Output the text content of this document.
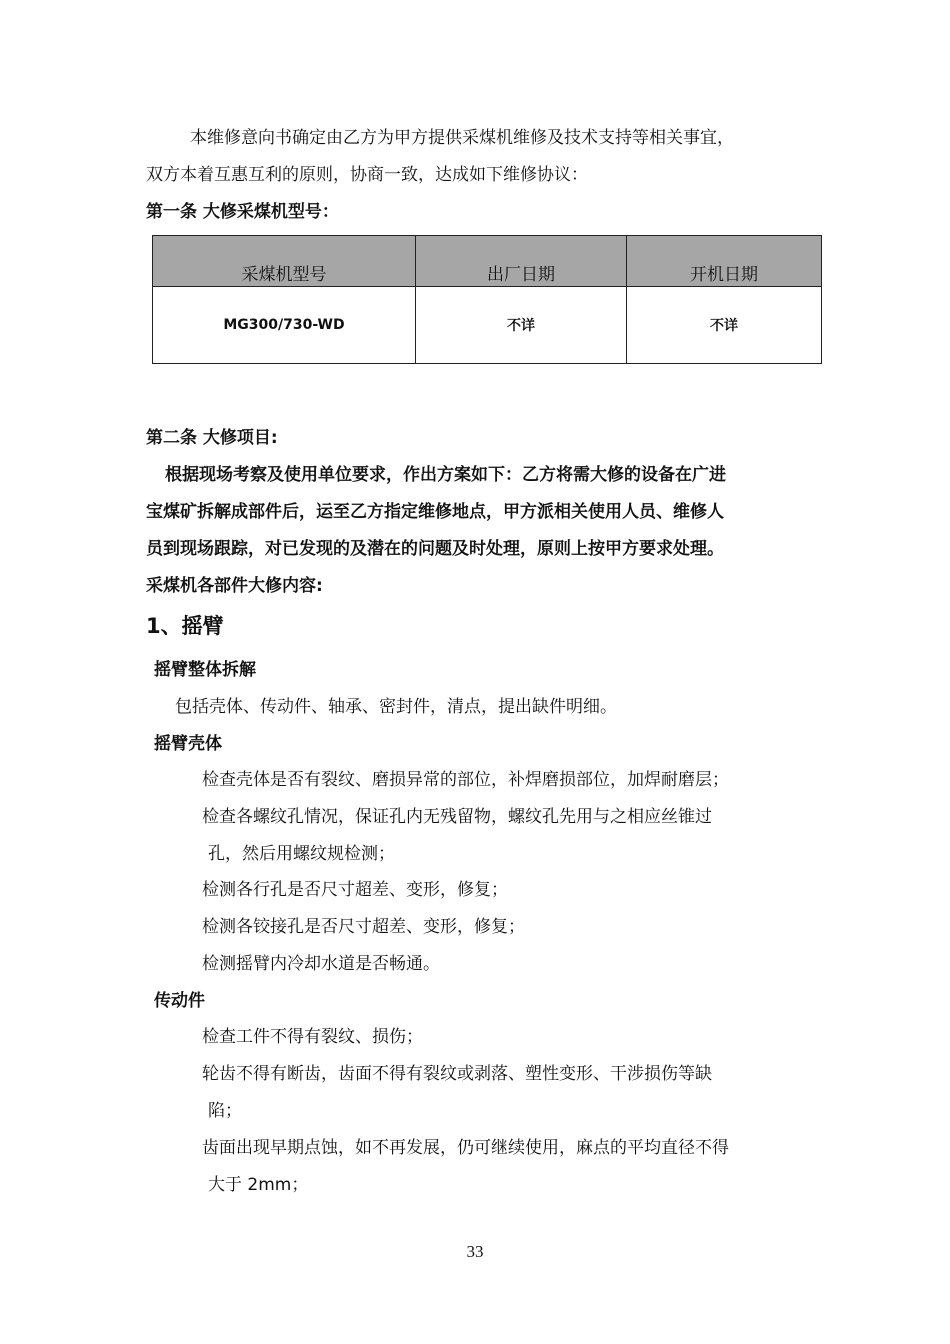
本维修意向书确定由乙方为甲方提供采煤机维修及技术支持等相关事宜，
双方本着互惠互利的原则，协商一致，达成如下维修协议：
第一条 大修采煤机型号：
采煤机型号	出厂日期	开机日期
MG300/730-WD	不详	不详
第二条 大修项目:
根据现场考察及使用单位要求，作出方案如下：乙方将需大修的设备在广进
宝煤矿拆解成部件后，运至乙方指定维修地点，甲方派相关使用人员、维修人
员到现场跟踪，对已发现的及潜在的问题及时处理，原则上按甲方要求处理。
采煤机各部件大修内容:
1、摇臂
摇臂整体拆解
包括壳体、传动件、轴承、密封件，清点，提出缺件明细。
摇臂壳体
检查壳体是否有裂纹、磨损异常的部位，补焊磨损部位，加焊耐磨层；
检查各螺纹孔情况，保证孔内无残留物，螺纹孔先用与之相应丝锥过
孔，然后用螺纹规检测；
检测各行孔是否尺寸超差、变形，修复；
检测各铰接孔是否尺寸超差、变形，修复；
检测摇臂内冷却水道是否畅通。
传动件
检查工件不得有裂纹、损伤；
轮齿不得有断齿，齿面不得有裂纹或剥落、塑性变形、干涉损伤等缺
陷；
齿面出现早期点蚀，如不再发展，仍可继续使用，麻点的平均直径不得
大于 2mm；
33
